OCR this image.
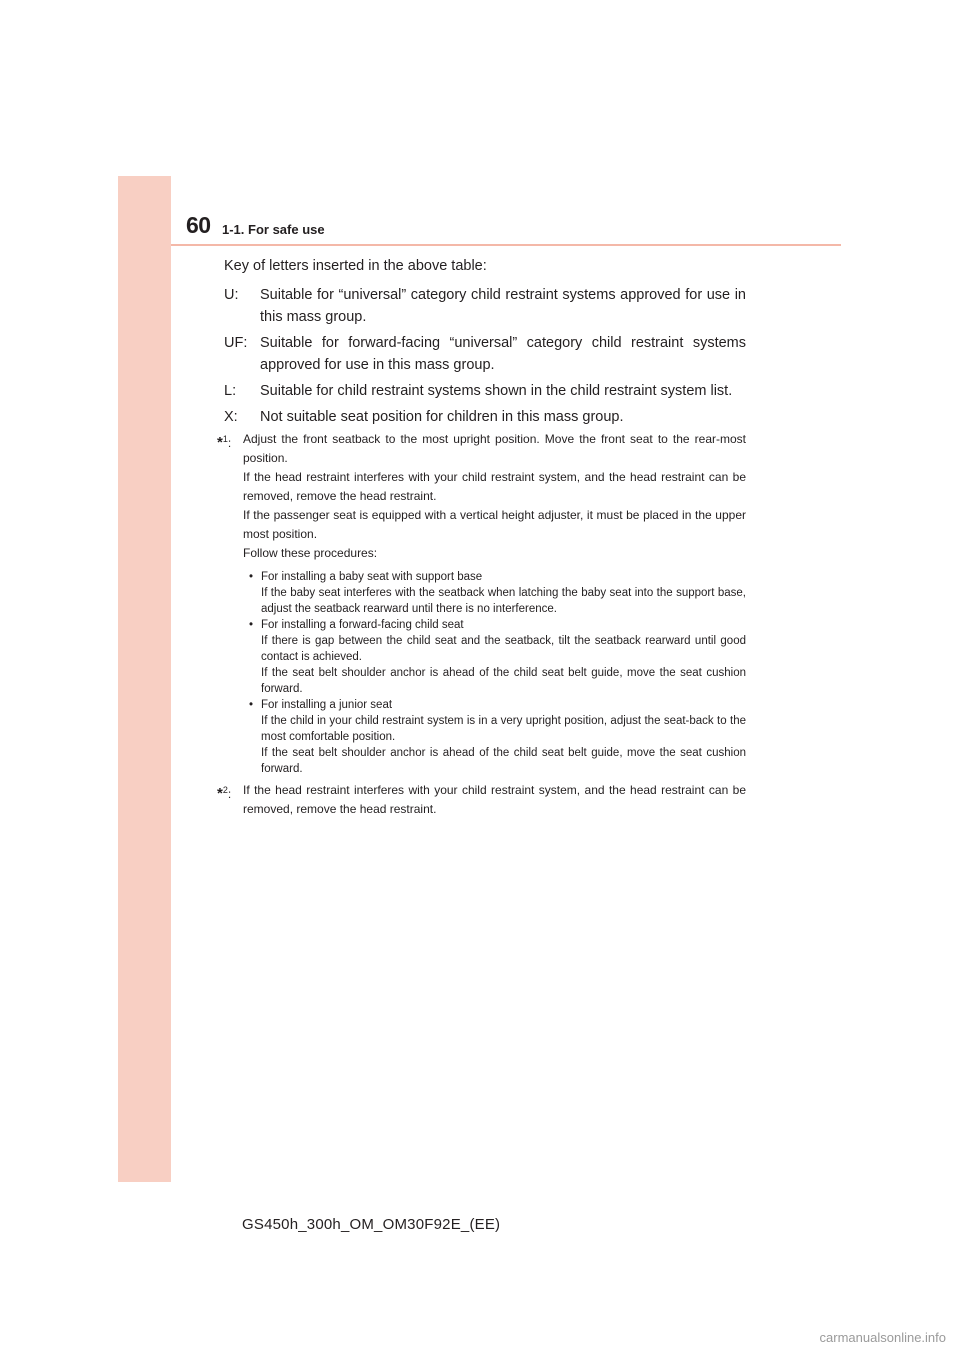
60 1-1. For safe use

Key of letters inserted in the above table:

U:	Suitable for “universal” category child restraint systems approved for use in this mass group.
UF: Suitable for forward-facing “universal” category child restraint systems approved for use in this mass group.
L:	Suitable for child restraint systems shown in the child restraint system list.
X:	Not suitable seat position for children in this mass group.
*$^1$: Adjust the front seatback to the most upright position. Move the front seat to the rear-most position.

If the head restraint interferes with your child restraint system, and the head restraint can be removed, remove the head restraint.

If the passenger seat is equipped with a vertical height adjuster, it must be placed in the upper most position.

Follow these procedures:

• For installing a baby seat with support base

If the baby seat interferes with the seatback when latching the baby seat into the support base, adjust the seatback rearward until there is no interference.

• For installing a forward-facing child seat

If there is gap between the child seat and the seatback, tilt the seatback rearward until good contact is achieved.

If the seat belt shoulder anchor is ahead of the child seat belt guide, move the seat cushion forward.

• For installing a junior seat

If the child in your child restraint system is in a very upright position, adjust the seat-back to the most comfortable position.

If the seat belt shoulder anchor is ahead of the child seat belt guide, move the seat cushion forward.

*$^2$: If the head restraint interferes with your child restraint system, and the head restraint can be removed, remove the head restraint.

GS450h_300h_OM_OM30F92E_(EE)
carmanualsonline.info
